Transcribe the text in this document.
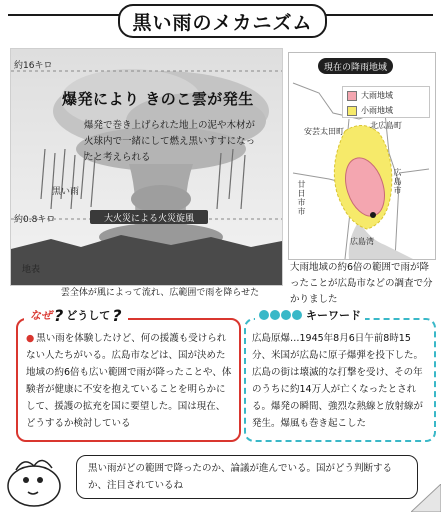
黒い雨のメカニズム
約16キロ
爆発により きのこ雲が発生
爆発で巻き上げられた地上の泥や木材が火球内で一緒にして燃え黒いすすになったと考えられる
黒い雨
約0.8キロ	大火災による火災旋風
地表
雲全体が風によって流れ、広範囲で雨を降らせた
現在の降雨地域
大雨地域
小雨地域
安芸太田町
北広島町
廿日市市
広島市
広島湾
大雨地域の約6倍の範囲で雨が降ったことが広島市などの調査で分かりました
なぜ ? どうして ?
● 黒い雨を体験したけど、何の援護も受けられない人たちがいる。広島市などは、国が決めた地域の約6倍も広い範囲で雨が降ったことや、体験者が健康に不安を抱えていることを明らかにして、援護の拡充を国に要望した。国は現在、どうするか検討している
キーワード
広島原爆…1945年8月6日午前8時15分、米国が広島に原子爆弾を投下した。広島の街は壊滅的な打撃を受け、その年のうちに約14万人が亡くなったとされる。爆発の瞬間、強烈な熱線と放射線が発生。爆風も巻き起こした
黒い雨がどの範囲で降ったのか、論議が進んでいる。国がどう判断するか、注目されているね
